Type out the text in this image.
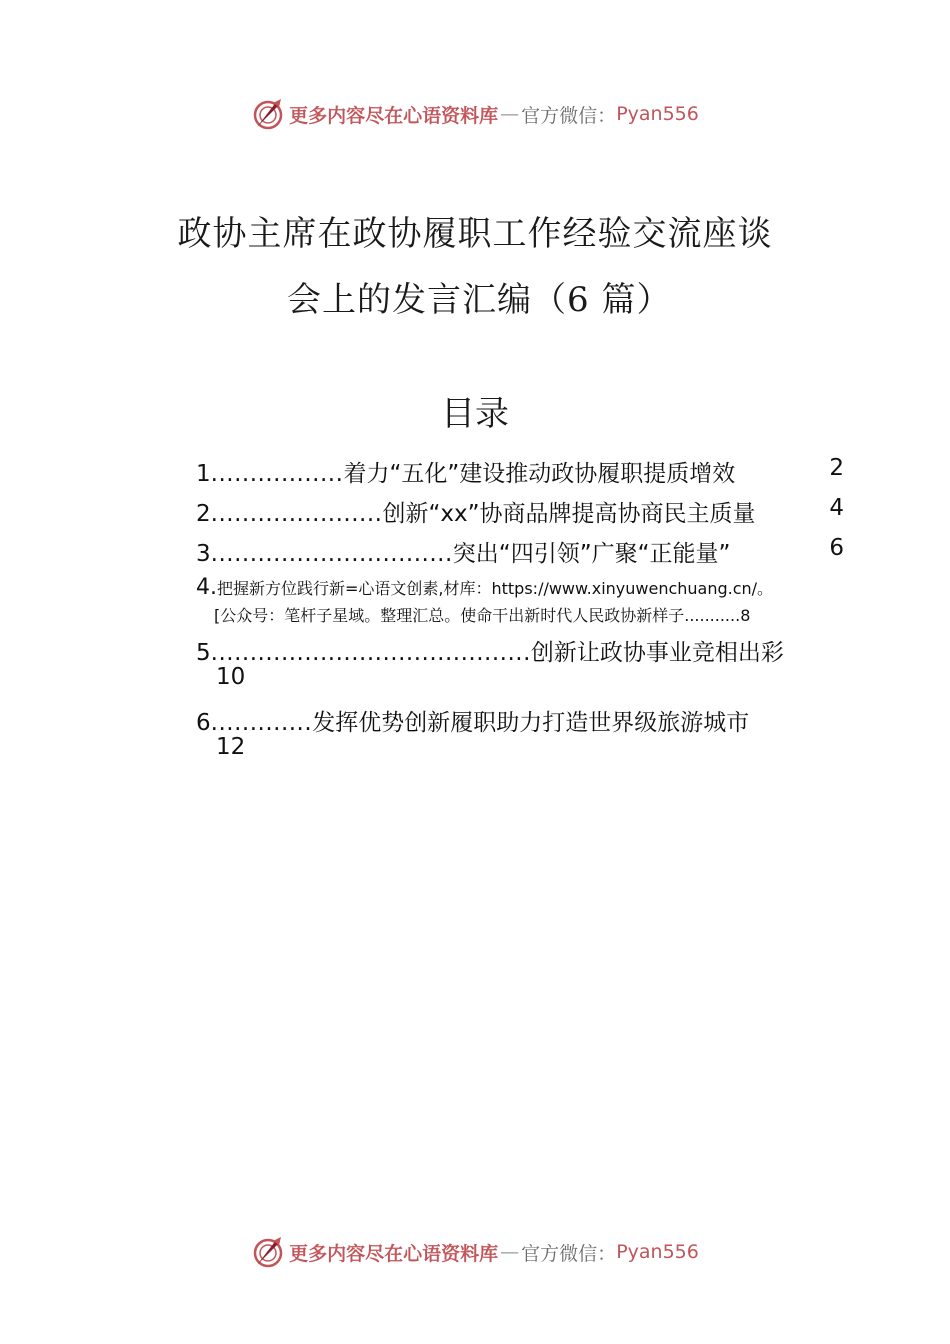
更多内容尽在心语资料库 — 官方微信： Pyan556
政协主席在政协履职工作经验交流座谈
会上的发言汇编（6 篇）
目录
1.................着力“五化”建设推动政协履职提质增效	2
2......................创新“xx”协商品牌提高协商民主质量	4
3...............................突出“四引领”广聚“正能量”	6
4.把握新方位践行新=心语文创素,材库：https://www.xinyuwenchuang.cn/。
[公众号：笔杆子星域。整理汇总。使命干出新时代人民政协新样子...........8
5.........................................创新让政协事业竞相出彩
10
6.............发挥优势创新履职助力打造世界级旅游城市
12
更多内容尽在心语资料库 — 官方微信： Pyan556
